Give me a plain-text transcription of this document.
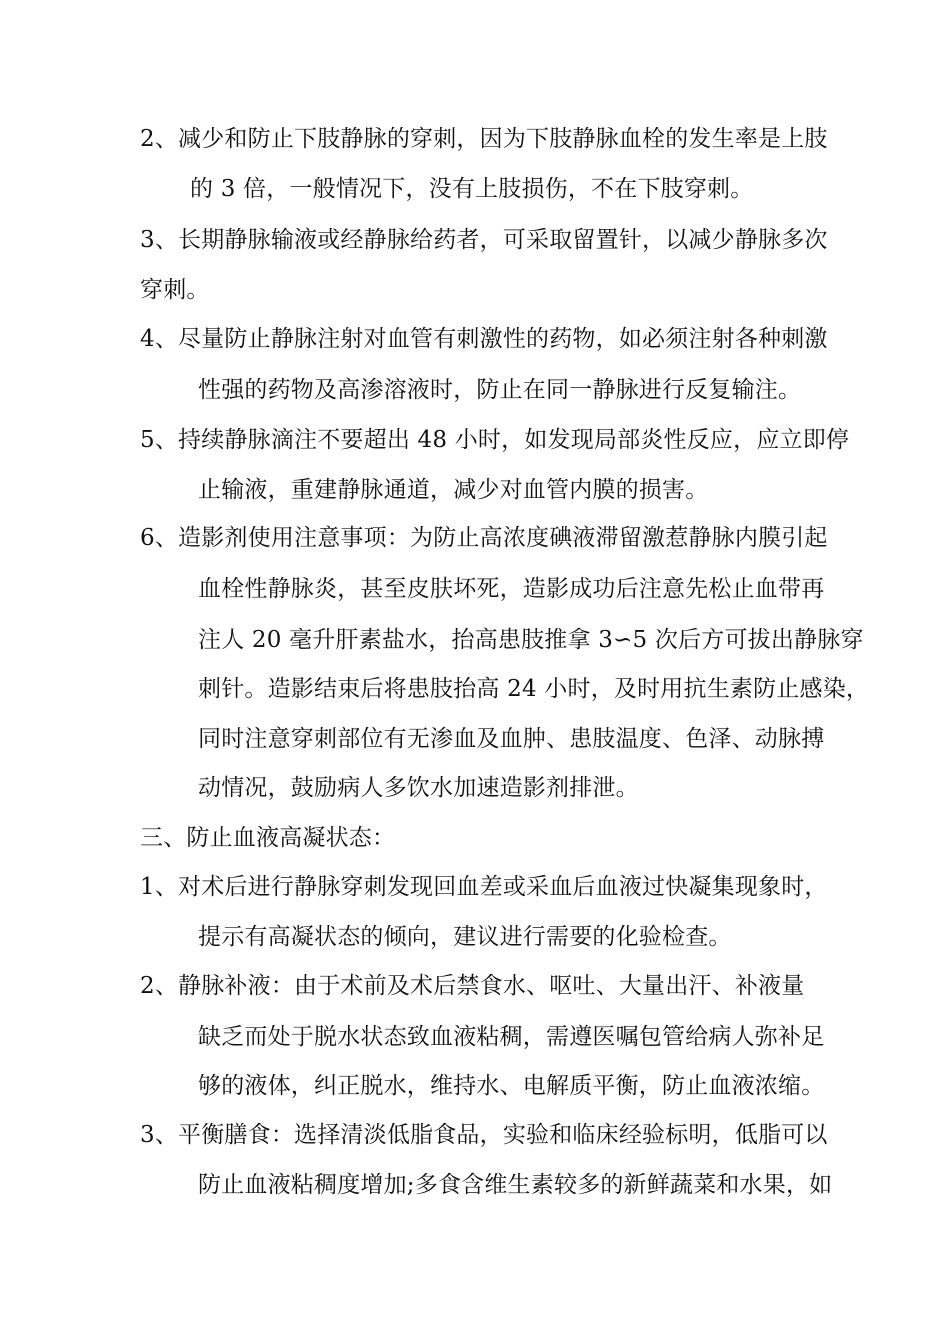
2、减少和防止下肢静脉的穿刺，因为下肢静脉血栓的发生率是上肢
的 3 倍，一般情况下，没有上肢损伤，不在下肢穿刺。
3、长期静脉输液或经静脉给药者，可采取留置针，以减少静脉多次
穿刺。
4、尽量防止静脉注射对血管有刺激性的药物，如必须注射各种刺激
性强的药物及高渗溶液时，防止在同一静脉进行反复输注。
5、持续静脉滴注不要超出 48 小时，如发现局部炎性反应，应立即停
止输液，重建静脉通道，减少对血管内膜的损害。
6、造影剂使用注意事项：为防止高浓度碘液滞留激惹静脉内膜引起
血栓性静脉炎，甚至皮肤坏死，造影成功后注意先松止血带再
注人 20 毫升肝素盐水，抬高患肢推拿 3∽5 次后方可拔出静脉穿
刺针。造影结束后将患肢抬高 24 小时，及时用抗生素防止感染，
同时注意穿刺部位有无渗血及血肿、患肢温度、色泽、动脉搏
动情况，鼓励病人多饮水加速造影剂排泄。
三、防止血液高凝状态：
1、对术后进行静脉穿刺发现回血差或采血后血液过快凝集现象时，
提示有高凝状态的倾向，建议进行需要的化验检查。
2、静脉补液：由于术前及术后禁食水、呕吐、大量出汗、补液量
缺乏而处于脱水状态致血液粘稠，需遵医嘱包管给病人弥补足
够的液体，纠正脱水，维持水、电解质平衡，防止血液浓缩。
3、平衡膳食：选择清淡低脂食品，实验和临床经验标明，低脂可以
防止血液粘稠度增加;多食含维生素较多的新鲜蔬菜和水果，如
